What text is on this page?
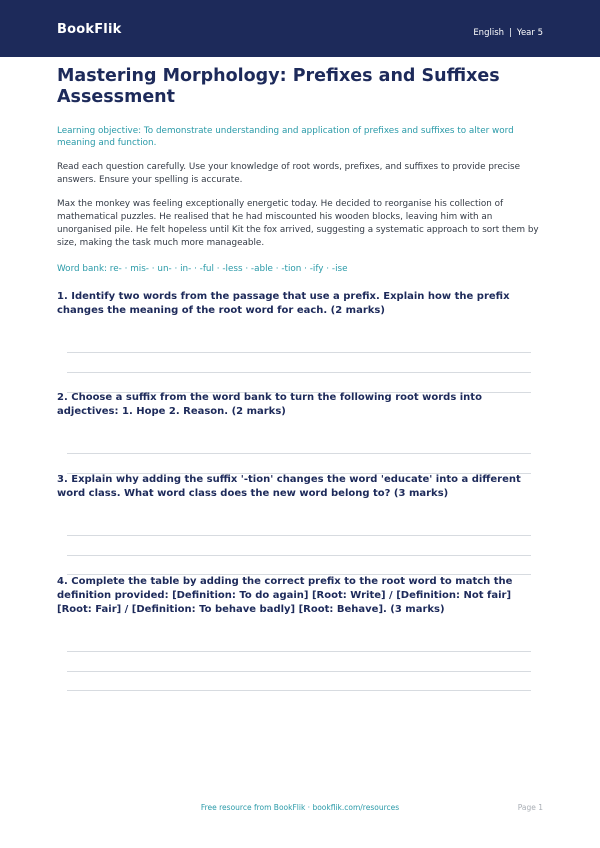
BookFlik	English | Year 5
Mastering Morphology: Prefixes and Suffixes Assessment

Learning objective: To demonstrate understanding and application of prefixes and suffixes to alter word meaning and function.

Read each question carefully. Use your knowledge of root words, prefixes, and suffixes to provide precise answers. Ensure your spelling is accurate.

Max the monkey was feeling exceptionally energetic today. He decided to reorganise his collection of mathematical puzzles. He realised that he had miscounted his wooden blocks, leaving him with an unorganised pile. He felt hopeless until Kit the fox arrived, suggesting a systematic approach to sort them by size, making the task much more manageable.

Word bank: re- · mis- · un- · in- · -ful · -less · -able · -tion · -ify · -ise

1. Identify two words from the passage that use a prefix. Explain how the prefix changes the meaning of the root word for each. (2 marks)

2. Choose a suffix from the word bank to turn the following root words into adjectives: 1. Hope 2. Reason. (2 marks)

3. Explain why adding the suffix '-tion' changes the word 'educate' into a different word class. What word class does the new word belong to? (3 marks)

4. Complete the table by adding the correct prefix to the root word to match the definition provided: [Definition: To do again] [Root: Write] / [Definition: Not fair] [Root: Fair] / [Definition: To behave badly] [Root: Behave]. (3 marks)

Free resource from BookFlik · bookflik.com/resources	Page 1
